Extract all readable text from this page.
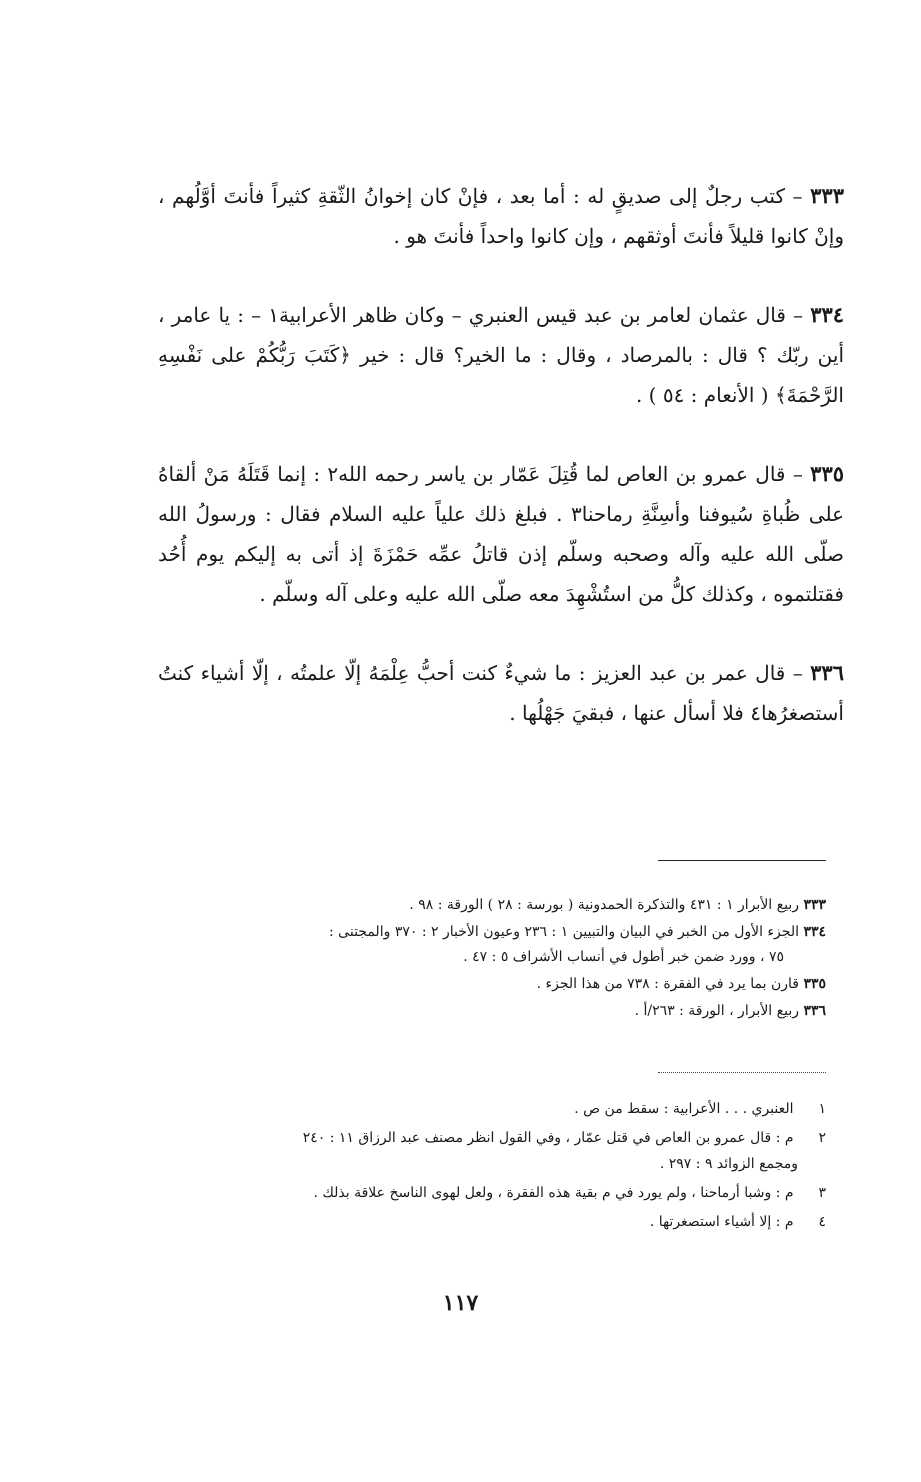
٣٣٣ – كتب رجلٌ إلى صديقٍ له : أما بعد ، فإنْ كان إخوانُ الثّقةِ كثيراً فأنتَ أوَّلُهم ، وإنْ كانوا قليلاً فأنتَ أوثقهم ، وإن كانوا واحداً فأنتَ هو .

٣٣٤ – قال عثمان لعامر بن عبد قيس العنبري – وكان ظاهر الأعرابية١ – : يا عامر ، أين ربّك ؟ قال : بالمرصاد ، وقال : ما الخير؟ قال : خير ﴿كَتَبَ رَبُّكُمْ على نَفْسِهِ الرَّحْمَةَ﴾ ( الأنعام : ٥٤ ) .

٣٣٥ – قال عمرو بن العاص لما قُتِلَ عَمّار بن ياسر رحمه الله٢ : إنما قَتَلَهُ مَنْ ألقاهُ على ظُباةِ سُيوفنا وأسِنَّةِ رماحنا٣ . فبلغ ذلك علياً عليه السلام فقال : ورسولُ الله صلّى الله عليه وآله وصحبه وسلّم إذن قاتلُ عمِّه حَمْزَةَ إذ أتى به إليكم يوم أُحُد فقتلتموه ، وكذلك كلُّ من استُشْهِدَ معه صلّى الله عليه وعلى آله وسلّم .

٣٣٦ – قال عمر بن عبد العزيز : ما شيءٌ كنت أحبُّ عِلْمَهُ إلّا علمتُه ، إلّا أشياء كنتُ أستصغرُها٤ فلا أسأل عنها ، فبقيَ جَهْلُها .

٣٣٣ ربيع الأبرار ١ : ٤٣١ والتذكرة الحمدونية ( بورسة : ٢٨ ) الورقة : ٩٨ .
٣٣٤ الجزء الأول من الخبر في البيان والتبيين ١ : ٢٣٦ وعيون الأخبار ٢ : ٣٧٠ والمجتنى :
٧٥ ، وورد ضمن خبر أطول في أنساب الأشراف ٥ : ٤٧ .
٣٣٥ قارن بما يرد في الفقرة : ٧٣٨ من هذا الجزء .
٣٣٦ ربيع الأبرار ، الورقة : ٢٦٣/أ .
١ العنبري . . . الأعرابية : سقط من ص .
٢ م : قال عمرو بن العاص في قتل عمّار ، وفي القول انظر مصنف عبد الرزاق ١١ : ٢٤٠
ومجمع الزوائد ٩ : ٢٩٧ .
٣ م : وشبا أرماحنا ، ولم يورد في م بقية هذه الفقرة ، ولعل لهوى الناسخ علاقة بذلك .
٤ م : إلا أشياء استصغرتها .
١١٧
